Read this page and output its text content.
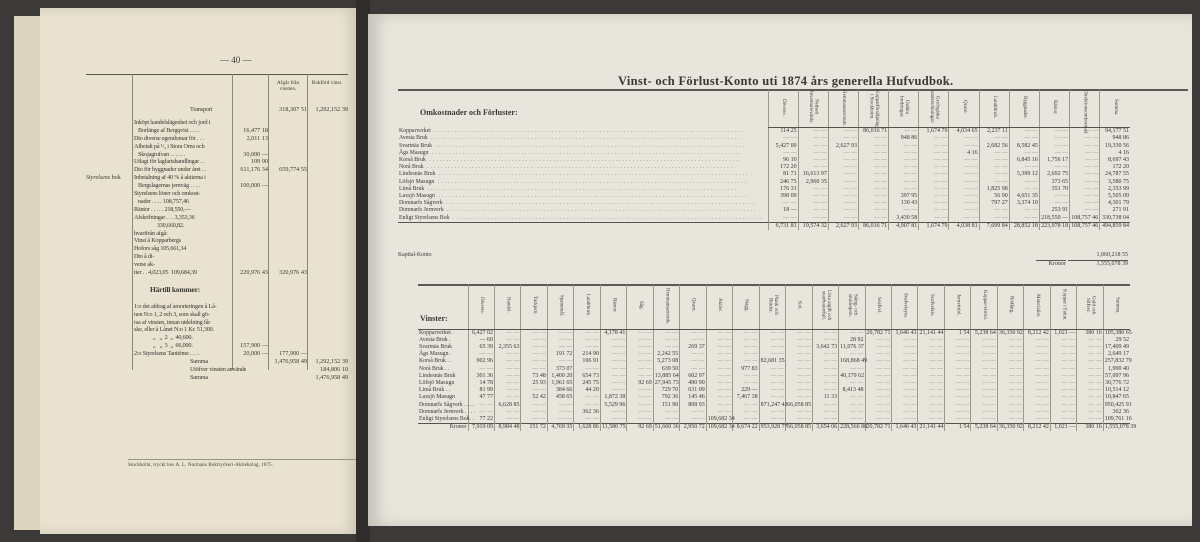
— 40 —
Afgår från vinsten.
Bokförd vinst.
Styrelsens bok.
Transport	318,307 51	1,292,152 39
Inköpt handelslägenhet och jord i
Borlänge af Bergqvist . . . .	16,477 18
Dto diverse egendomar för . . .	2,011 13
Afbetalt på ¹/₄ i Stora Orns och
Skojagrufvan . . . . . .	30,000 —
Utlagt för lagfartshandlingar . .	109 90
Dto för byggnader under året . .	611,176 34	659,774 55
Inbetalning af 40 % å aktierna i
Bergslagernas jernväg . . . .	100,000 —
Styrelsens löner och omkost-
nader . . . . 108,757,46
Räntor . . . . . 218,550,—
Afskrifningar . . . 3,353,36
330,660,82.
hvarifrån afgå:
Vinst å Kopparbergs
Hofors såg 105,661,34
Dto å di-
verse ak-
tier . . 4,023,05  109,684,39	220,976 43	320,976 43
Härtill kommer:
1:o det afdrag af amorteringen å Lå-
nen N:o 1, 2 och 3, som skall gö-
ras af vinsten, innan utdelning får
ske, eller å Lånet N:o 1 Kr. 51,300.
„   „  2  „  40,600.
„   „  3  „  66,000.	157,900 —
2:o Styrelsens Tantième . . . .	20,000 —	177,900 —
Summa	1,476,958 49	1,292,152 39
Utöfver vinsten använde	184,806 10
Summa	1,476,958 49
Stockholm, tryckt hos A. L. Normans Boktryckeri-Aktiebolag, 1875.
Vinst- och Förlust-Konto uti 1874 års generella Hufvudbok.
	Diverse.	Nedsatt Inventarievärde.	Hemmansarrende.	Kopparförsäljning i Stockholm.	Osäkra fordringar.	Geologiska undersökningar.	Qvarn.	Landtbruk.	Byggnader.	Räntor.	Direktionsomkostnad.	Summa.
Kopparverket ..........................................................................................	114 25	— —	— —	86,016 71	— —	1,674 79	4,034 65	2,237 11	— —	— —	— —	94,177 51
Avesta Bruk ..........................................................................................	— —	— —	— —	— —	948 86	— —	— —	— —	— —	— —	— —	948 86
Svartnäs Bruk ..........................................................................................	5,427 00	— —	2,627 93	— —	— —	— —	— —	2,682 56	8,582 45	— —	— —	19,330 56
Ågs Masugn ..........................................................................................	— —	— —	— —	— —	— —	— —	4 16	— —	— —	— —	— —	4 16
Korså Bruk ..........................................................................................	96 10	— —	— —	— —	— —	— —	— —	— —	6,845 16	1,756 17	— —	8,697 43
Norå Bruk ..........................................................................................	172 20	— —	— —	— —	— —	— —	— —	— —	— —	— —	— —	172 20
Lindesnäs Bruk ..........................................................................................	81 71	16,613 97	— —	— —	— —	— —	— —	— —	5,399 12	2,692 75	— —	24,787 55
Löfsjö Masugn ..........................................................................................	246 75	2,960 35	— —	— —	— —	— —	— —	— —	— —	373 65	— —	3,580 75
Limå Bruk ..........................................................................................	176 31	— —	— —	— —	— —	— —	— —	1,825 98	— —	351 70	— —	2,353 99
Laxsjö Masugn ..........................................................................................	398 09	— —	— —	— —	397 95	— —	— —	56 90	4,651 35	— —	— —	5,505 09
Domnarfs Sågverk ..........................................................................................	— —	— —	— —	— —	130 43	— —	— —	797 27	3,374 10	— —	— —	4,301 79
Domnarfs Jernverk ..........................................................................................	18 —	— —	— —	— —	— —	— —	— —	— —	— —	253 91	— —	271 91
Enligt Styrelsens Bok ..........................................................................................	— —	— —	— —	— —	3,430 58	— —	— —	— —	— —	218,550 —	108,757 46	330,738 04
	6,731 81	19,574 32	2,627 93	86,016 71	4,907 81	1,674 79	4,038 81	7,699 84	28,852 18	223,978 18	108,757 46	494,859 84
Omkostnader och Förluster:
Kapital-Konto	1,060,218 55
Kronor	1,555,078 39
	Diverse.	Handel.	Tackjern.	Spannmål.	Landtbruk.	Räntor.	Såg.	Hemmansarrende.	Qvarn.	Aktier.	Slagg.	Plank och Bräder.	Kol.	Lösa utgift och svarfvaravfall.	Stång- och smidesjern.	Svafvel.	Svafvelsyra.	Svafvelkis.	Jernvitriol.	Koppar-vitriol.	Rödfärg.	Materialier.	Koppar i Falun.	Guld och Silfver.	Summa.
Kopparverket .	6,427 02	— —	— —	— —	— —	4,178 41	— —	— —	— —	— —	— —	— —	— —	— —	— —	20,782 71	1,646 43	21,141 44	1 54	5,238 64	36,350 92	8,212 42	1,021 —	380 16	105,380 65
Avesta Bruk .	— 60	— —	— —	— —	— —	— —	— —	— —	— —	— —	— —	— —	— —	— —	28 92	— —	— —	— —	— —	— —	— —	— —	— —	— —	29 52
Svartnäs Bruk	65 39	2,355 63	— —	— —	— —	— —	— —	— —	269 37	— —	— —	— —	— —	3,642 73	11,076 37	— —	— —	— —	— —	— —	— —	— —	— —	— —	17,409 49
Ågs Masugn .	— —	— —	— —	191 72	214 90	— —	— —	2,242 55	— —	— —	— —	— —	— —	— —	— —	— —	— —	— —	— —	— —	— —	— —	— —	— —	2,649 17
Korså Bruk . .	902 96	— —	— —	— —	106 91	— —	— —	5,273 08	— —	— —	— —	82,681 35	— —	— —	168,868 49	— —	— —	— —	— —	— —	— —	— —	— —	— —	257,832 79
Norå Bruk . .	— —	— —	— —	373 07	— —	— —	— —	639 50	— —	— —	977 83	— —	— —	— —	— —	— —	— —	— —	— —	— —	— —	— —	— —	— —	1,990 40
Lindesnäs Bruk	301 36	— —	73 48	1,400 20	654 73	— —	— —	13,885 64	602 97	— —	— —	— —	— —	— —	40,179 62	— —	— —	— —	— —	— —	— —	— —	— —	— —	57,097 96
Löfsjö Masugn	14 78	— —	25 93	1,961 65	245 75	— —	92 69	27,945 73	490 90	— —	— —	— —	— —	— —	— —	— —	— —	— —	— —	— —	— —	— —	— —	— —	30,776 72
Limå Bruk . .	81 99	— —	— —	384 66	44 20	— —	— —	729 70	631 09	— —	229 —	— —	— —	— —	8,413 48	— —	— —	— —	— —	— —	— —	— —	— —	— —	10,514 12
Laxsjö Masugn	47 77	— —	52 42	458 65	— —	1,872 38	— —	792 36	145 46	— —	7,467 38	— —	— —	11 33	— —	— —	— —	— —	— —	— —	— —	— —	— —	— —	10,847 65
Domnarfs Sågverk . . . .	— —	6,628 85	— —	— —	— —	5,529 96	— —	151 90	808 93	— —	— —	871,247 42	66,058 85	— —	— —	— —	— —	— —	— —	— —	— —	— —	— —	— —	950,425 91
Domnarfs Jernverk . . . .	— —	— —	— —	— —	362 36	— —	— —	— —	— —	— —	— —	— —	— —	— —	— —	— —	— —	— —	— —	— —	— —	— —	— —	— —	362 36
Enligt Styrelsens Bok. .	77 22	— —	— —	— —	— —	— —	— —	— —	— —	109,682 34	— —	— —	— —	— —	— —	— —	— —	— —	— —	— —	— —	— —	— —	— —	109,761 16
Kronor	7,919 09	8,984 48	151 72	4,769 35	1,628 86	11,580 75	92 69	51,660 36	2,950 72	109,682 34	8,674 22	953,928 77	66,058 85	3,654 06	228,566 88	20,782 71	1,646 43	21,141 44	1 54	5,238 64	36,350 92	8,212 42	1,021 —	380 16	1,555,078 39
Vinster:
